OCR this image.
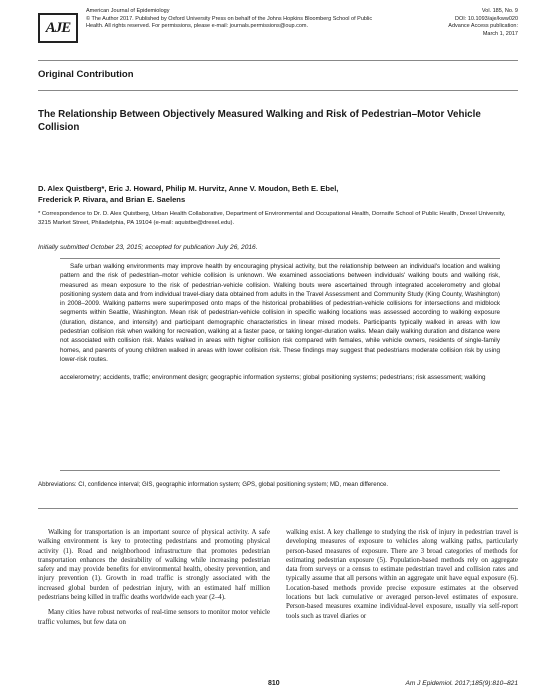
AJE
American Journal of Epidemiology
© The Author 2017. Published by Oxford University Press on behalf of the Johns Hopkins Bloomberg School of Public
Health. All rights reserved. For permissions, please e-mail: journals.permissions@oup.com.
Vol. 185, No. 9
DOI: 10.1093/aje/kww020
Advance Access publication:
March 1, 2017
Original Contribution
The Relationship Between Objectively Measured Walking and Risk of Pedestrian–Motor Vehicle Collision
D. Alex Quistberg*, Eric J. Howard, Philip M. Hurvitz, Anne V. Moudon, Beth E. Ebel,
Frederick P. Rivara, and Brian E. Saelens
* Correspondence to Dr. D. Alex Quistberg, Urban Health Collaborative, Department of Environmental and Occupational Health, Dornsife School of Public Health, Drexel University, 3215 Market Street, Philadelphia, PA 19104 (e-mail: aquistbe@drexel.edu).
Initially submitted October 23, 2015; accepted for publication July 26, 2016.

Safe urban walking environments may improve health by encouraging physical activity, but the relationship between an individual's location and walking pattern and the risk of pedestrian–motor vehicle collision is unknown. We examined associations between individuals' walking bouts and walking risk, measured as mean exposure to the risk of pedestrian-vehicle collision. Walking bouts were ascertained through integrated accelerometry and global positioning system data and from individual travel-diary data obtained from adults in the Travel Assessment and Community Study (King County, Washington) in 2008–2009. Walking patterns were superimposed onto maps of the historical probabilities of pedestrian-vehicle collisions for intersections and midblock segments within Seattle, Washington. Mean risk of pedestrian-vehicle collision in specific walking locations was assessed according to walking exposure (duration, distance, and intensity) and participant demographic characteristics in linear mixed models. Participants typically walked in areas with low pedestrian collision risk when walking for recreation, walking at a faster pace, or taking longer-duration walks. Mean daily walking duration and distance were not associated with collision risk. Males walked in areas with higher collision risk compared with females, while vehicle owners, residents of single-family homes, and parents of young children walked in areas with lower collision risk. These findings may suggest that pedestrians moderate collision risk by using lower-risk routes.

accelerometry; accidents, traffic; environment design; geographic information systems; global positioning systems; pedestrians; risk assessment; walking

Abbreviations: CI, confidence interval; GIS, geographic information system; GPS, global positioning system; MD, mean difference.

Walking for transportation is an important source of physical activity. A safe walking environment is key to protecting pedestrians and promoting physical activity (1). Road and neighborhood infrastructure that promotes pedestrian transportation enhances the desirability of walking while increasing pedestrian safety and may provide benefits for environmental health, obesity prevention, and injury prevention (1). Growth in road traffic is strongly associated with the increased global burden of pedestrian injury, with an estimated half million pedestrians being killed in traffic deaths worldwide each year (2–4).

Many cities have robust networks of real-time sensors to monitor motor vehicle traffic volumes, but few data on

walking exist. A key challenge to studying the risk of injury in pedestrian travel is developing measures of exposure to vehicles along walking paths, particularly person-based measures of exposure. There are 3 broad categories of methods for estimating pedestrian exposure (5). Population-based methods rely on aggregate data from surveys or a census to estimate pedestrian travel and collision rates and typically assume that all persons within an aggregate unit have equal exposure (6). Location-based methods provide precise exposure estimates at the observed locations but lack cumulative or averaged person-level estimates of exposure. Person-based measures examine individual-level exposure, usually via self-report tools such as travel diaries or

810	Am J Epidemiol. 2017;185(9):810–821
